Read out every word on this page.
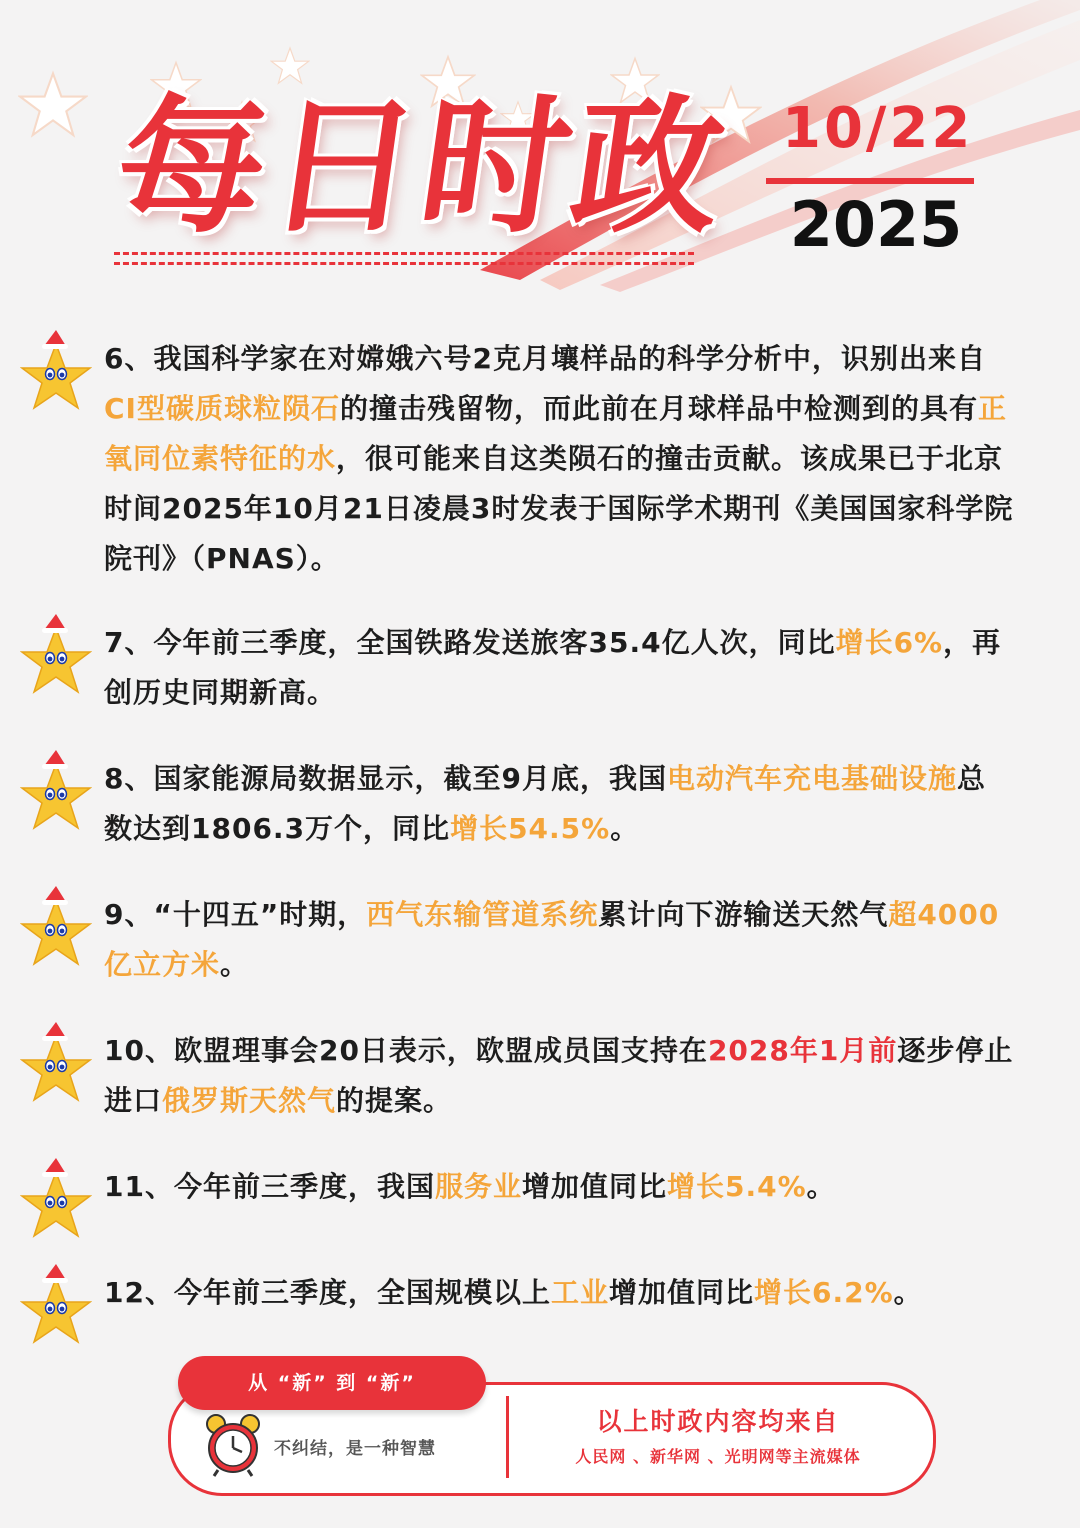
每日时政 10/22
2025
6、我国科学家在对嫦娥六号2克月壤样品的科学分析中，识别出来自CI型碳质球粒陨石的撞击残留物，而此前在月球样品中检测到的具有正氧同位素特征的水，很可能来自这类陨石的撞击贡献。该成果已于北京时间2025年10月21日凌晨3时发表于国际学术期刊《美国国家科学院院刊》（PNAS）。
7、今年前三季度，全国铁路发送旅客35.4亿人次，同比增长6%，再创历史同期新高。
8、国家能源局数据显示，截至9月底，我国电动汽车充电基础设施总数达到1806.3万个，同比增长54.5%。
9、“十四五”时期，西气东输管道系统累计向下游输送天然气超4000亿立方米。
10、欧盟理事会20日表示，欧盟成员国支持在2028年1月前逐步停止进口俄罗斯天然气的提案。
11、今年前三季度，我国服务业增加值同比增长5.4%。
12、今年前三季度，全国规模以上工业增加值同比增长6.2%。
从 “新” 到 “新”
不纠结，是一种智慧
以上时政内容均来自
人民网 、新华网 、光明网等主流媒体
